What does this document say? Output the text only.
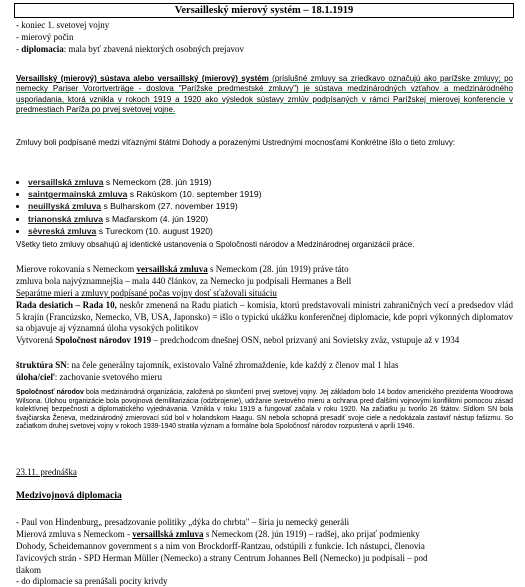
Versailleský mierový systém – 18.1.1919
- koniec 1. svetovej vojny
- mierový počin
- diplomacia: mala byť zbavená niektorých osobných prejavov
Versaillský (mierový) sústava alebo versaillský (mierový) systém (príslušné zmluvy sa zriedkavo označujú ako parížske zmluvy; po nemecky Pariser Vorortverträge - doslova "Parížske predmestské zmluvy") je sústava medzinárodných vzťahov a medzinárodného usporiadania, ktorá vznikla v rokoch 1919 a 1920 ako výsledok sústavy zmlúv podpísaných v rámci Parížskej mierovej konferencie v predmestiach Paríža po prvej svetovej vojne.
Zmluvy boli podpísané medzi víťaznými štátmi Dohody a porazenými Ustrednými mocnosťami Konkrétne išlo o tieto zmluvy:
• versaillská zmluva s Nemeckom (28. jún 1919)
• saintgermainská zmluva s Rakúskom (10. september 1919)
• neuillyská zmluva s Bulharskom (27. november 1919)
• trianonská zmluva s Maďarskom (4. jún 1920)
• sèvreská zmluva s Tureckom (10. august 1920)
Všetky tieto zmluvy obsahujú aj identické ustanovenia o Spoločnosti národov a Medzinárodnej organizácii práce.
Mierove rokovania s Nemeckom versaillská zmluva s Nemeckom (28. jún 1919) práve táto
zmluva bola najvýznamnejšia – mala 440 článkov, za Nemecko ju podpísali Hermanes a Bell
Separátne mieri a zmluvy podpísané počas vojny dosť sťažovali situáciu
Rada desiatich – Rada 10, neskôr zmenená na Radu piatich – komisia, ktorú predstavovali ministri zahraničných vecí a predsedov vlád 5 krajín (Francúzsko, Nemecko, VB, USA, Japonsko) = išlo o typickú ukážku konferenčnej diplomacie, kde popri výkonných diplomatov sa objavuje aj významná úloha vysokých politikov
Vytvorená Spoločnost národov 1919 – predchodcom dnešnej OSN, nebol prizvaný ani Sovietsky zväz, vstupuje až v 1934
štruktúra SN: na čele generálny tajomník, existovalo Valné zhromaždenie, kde každý z členov mal 1 hlas
úloha/cieľ: zachovanie svetového mieru
Spoločnosť národov bola medzinárodná organizácia, založená po skončení prvej svetovej vojny. Jej základom bolo 14 bodov amerického prezidenta Woodrowa Wilsona. Úlohou organizácie bola povojnová demilitarizácia (odzbrojenie), udržanie svetového mieru a ochrana pred ďalšími vojnovými konfliktmi pomocou zásad kolektívnej bezpečnosti a diplomatického vyjednávania. Vznikla v roku 1919 a fungovať začala v roku 1920. Na začiatku ju tvorilo 26 štátov. Sídlom SN bola švajčiarska Ženeva, medzinárodný zmierovací súd bol v holandskom Haagu. SN nebola schopná presadiť svoje ciele a nedokázala zastaviť nástup fašizmu. So začiatkom druhej svetovej vojny v rokoch 1939-1940 stratila význam a formálne bola Spoločnosť národov rozpustená v apríli 1946.
23.11. prednáška
Medzivojnová diplomacia
- Paul von Hindenburg„ presadzovanie politiky „dýka do chrbta" – šíria ju nemecký generáli
Mierová zmluva s Nemeckom - versaillská zmluva s Nemeckom (28. jún 1919) – radšej, ako prijať podmienky
Dohody, Scheidemannov government s a nim von Brockdorff-Rantzau, odstúpili z funkcie. Ich nástupci, členovia
ľavicových strán - SPD Herman Müller (Nemecko) a strany Centrum Johannes Bell (Nemecko) ju podpísali – pod
tlakom
- do diplomacie sa prenášali pocity krivdy
